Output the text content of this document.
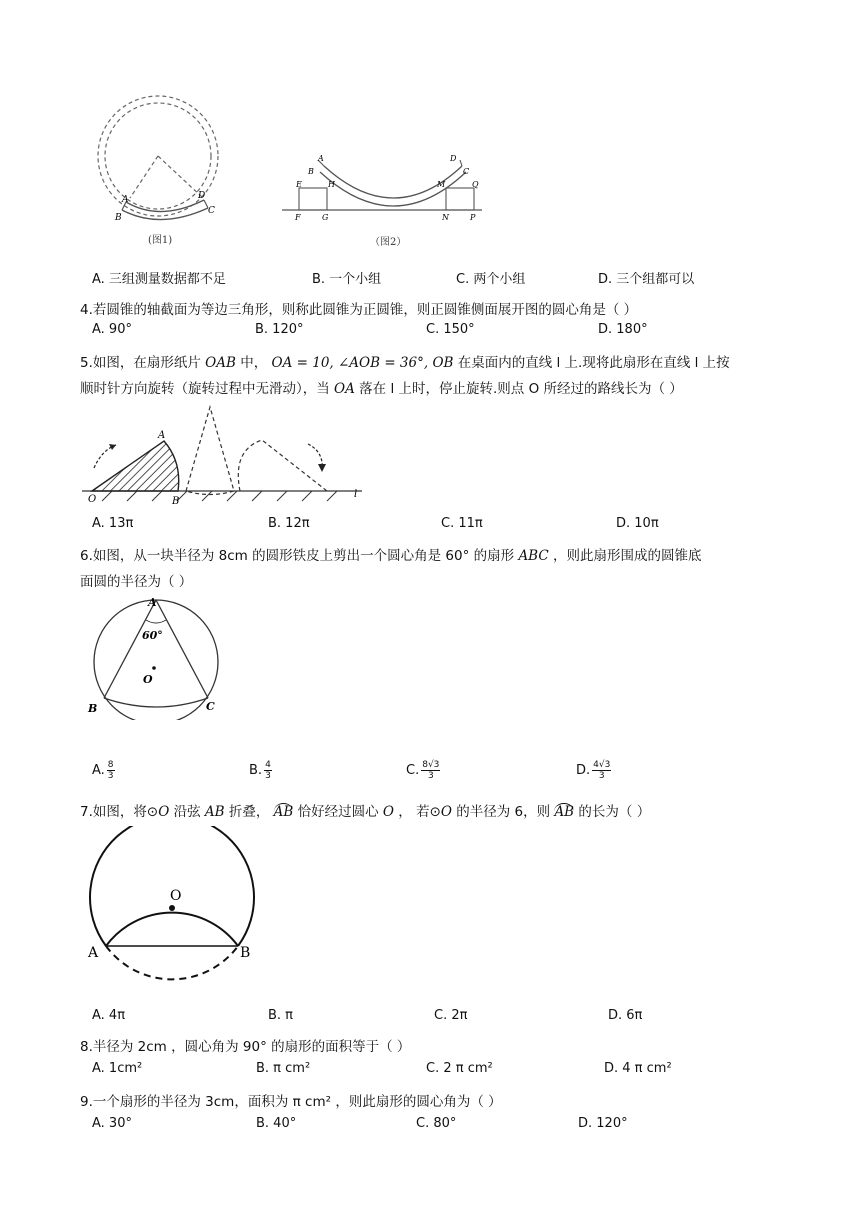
A
B
D
C
(图1)
A
B
E	H
F	G
D
C
M	Q
N	P
（图2）
A. 三组测量数据都不足	B. 一个小组	C. 两个小组	D. 三个组都可以
4.若圆锥的轴截面为等边三角形，则称此圆锥为正圆锥，则正圆锥侧面展开图的圆心角是（ ）
A. 90°	B. 120°	C. 150°	D. 180°
5.如图，在扇形纸片 OAB 中， OA = 10, ∠AOB = 36°, OB 在桌面内的直线 l 上.现将此扇形在直线 l 上按
顺时针方向旋转（旋转过程中无滑动），当 OA 落在 l 上时，停止旋转.则点 O 所经过的路线长为（ ）
A
O	B
l
A. 13π	B. 12π	C. 11π	D. 10π
6.如图，从一块半径为 8cm 的圆形铁皮上剪出一个圆心角是 60° 的扇形 ABC ，则此扇形围成的圆锥底
面圆的半径为（ ）
A
60°
O
B	C
A. $\frac{8}{3}$	B. $\frac{4}{3}$	C. $\frac{8√3}{3}$	D. $\frac{4√3}{3}$
7.如图，将⊙O 沿弦 AB 折叠， AB 恰好经过圆心 O ， 若⊙O 的半径为 6，则 AB 的长为（ ）
O
A	B
A. 4π	B. π	C. 2π	D. 6π
8.半径为 2cm ，圆心角为 90° 的扇形的面积等于（ ）
A. 1cm²	B. π cm²	C. 2 π cm²	D. 4 π cm²
9.一个扇形的半径为 3cm，面积为 π cm² ，则此扇形的圆心角为（ ）
A. 30°	B. 40°	C. 80°	D. 120°
